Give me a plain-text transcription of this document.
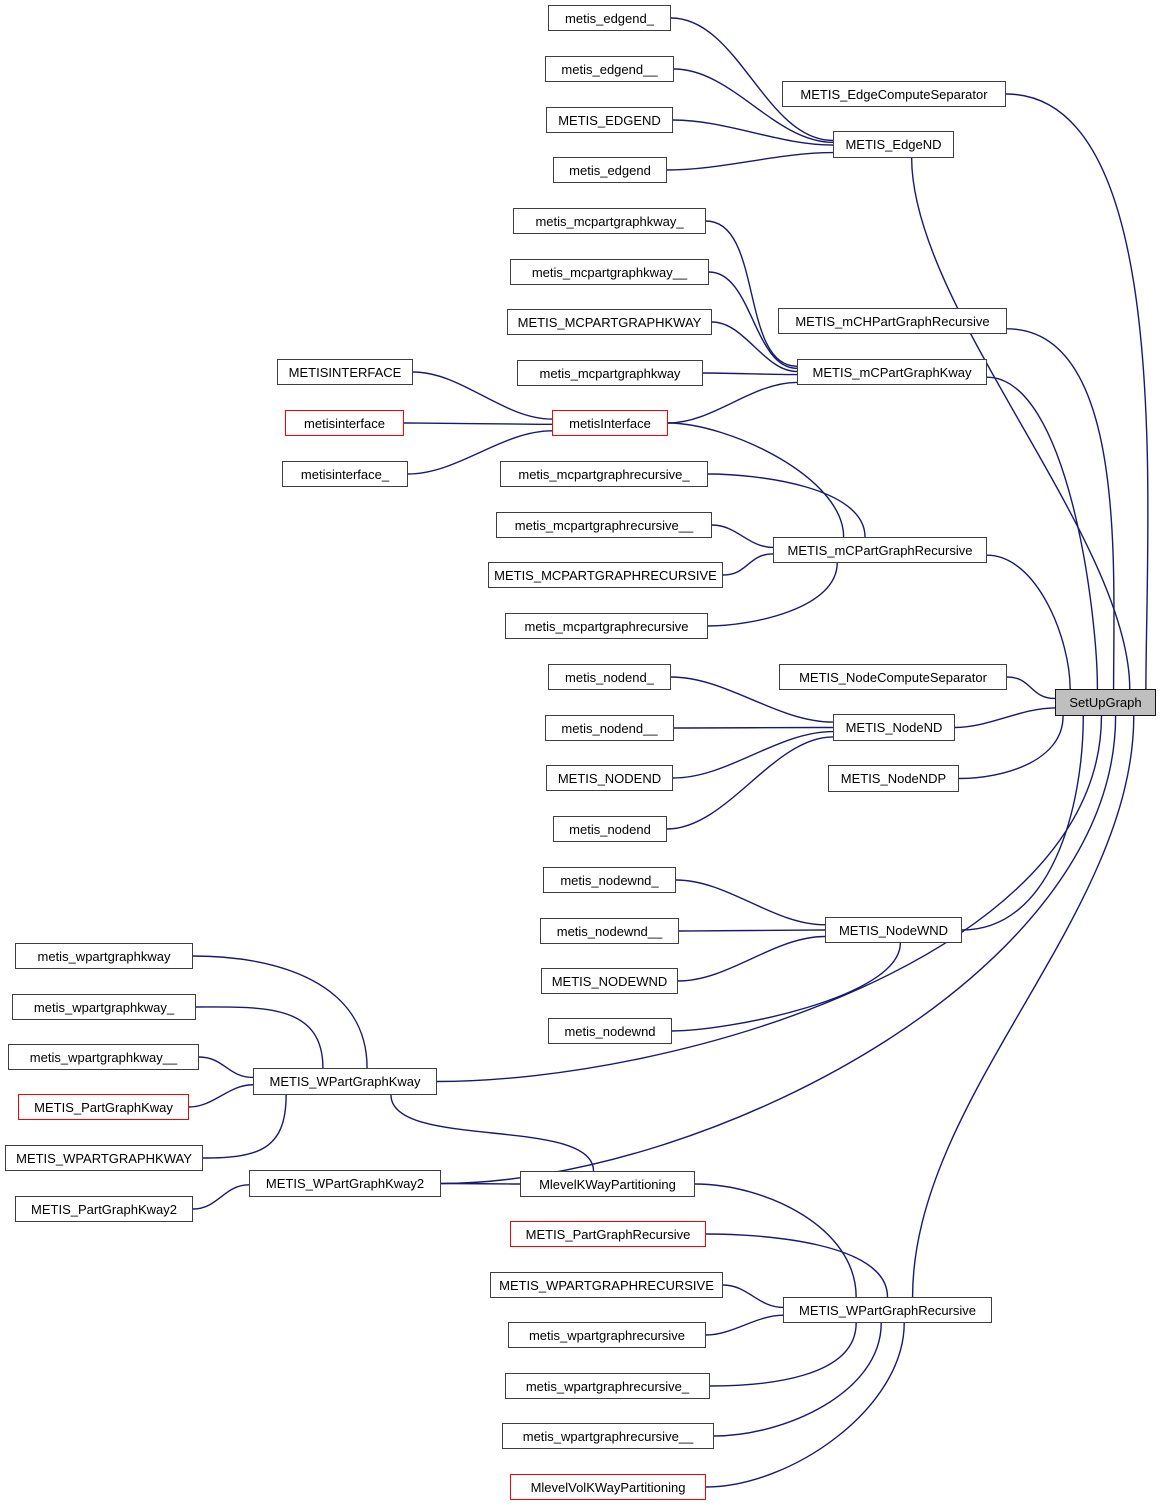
metis_edgend_
metis_edgend__
METIS_EDGEND
metis_edgend
METIS_EdgeComputeSeparator
METIS_EdgeND
metis_mcpartgraphkway_
metis_mcpartgraphkway__
METIS_MCPARTGRAPHKWAY
metis_mcpartgraphkway
METIS_mCHPartGraphRecursive
METIS_mCPartGraphKway
METISINTERFACE
metisinterface
metisinterface_
metisInterface
metis_mcpartgraphrecursive_
metis_mcpartgraphrecursive__
METIS_MCPARTGRAPHRECURSIVE
metis_mcpartgraphrecursive
METIS_mCPartGraphRecursive
metis_nodend_
metis_nodend__
METIS_NODEND
metis_nodend
METIS_NodeComputeSeparator
METIS_NodeND
METIS_NodeNDP
metis_nodewnd_
metis_nodewnd__
METIS_NODEWND
metis_nodewnd
METIS_NodeWND
metis_wpartgraphkway
metis_wpartgraphkway_
metis_wpartgraphkway__
METIS_PartGraphKway
METIS_WPARTGRAPHKWAY
METIS_PartGraphKway2
METIS_WPartGraphKway
METIS_WPartGraphKway2	MlevelKWayPartitioning
METIS_PartGraphRecursive
METIS_WPARTGRAPHRECURSIVE
metis_wpartgraphrecursive
metis_wpartgraphrecursive_
metis_wpartgraphrecursive__
MlevelVolKWayPartitioning
METIS_WPartGraphRecursive
SetUpGraph
